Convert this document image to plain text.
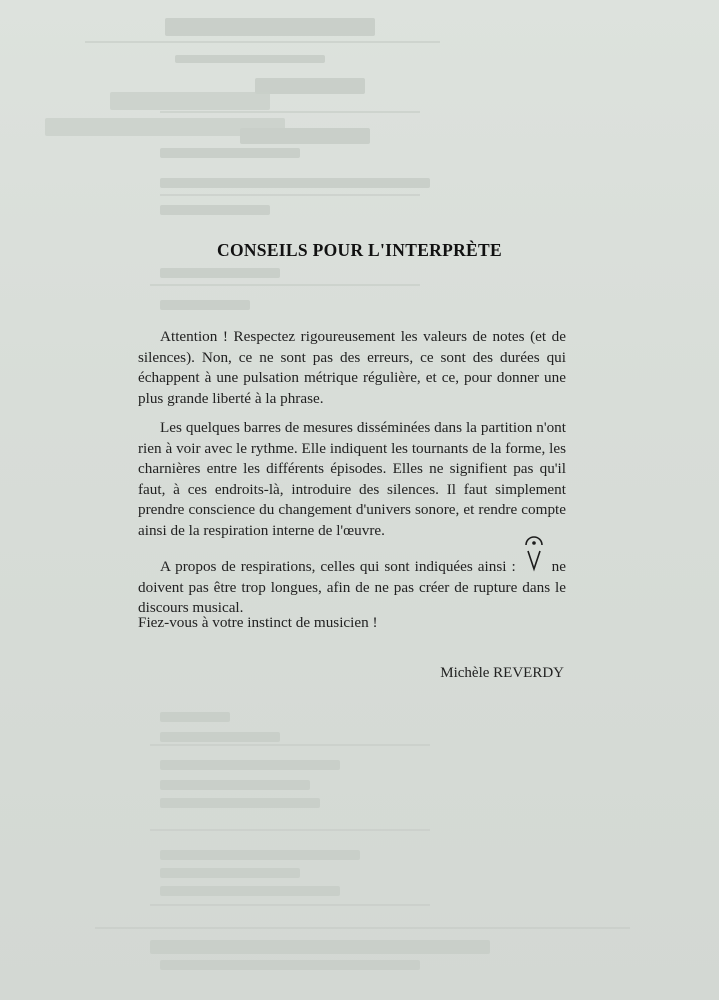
CONSEILS POUR L'INTERPRÈTE

Attention ! Respectez rigoureusement les valeurs de notes (et de silences). Non, ce ne sont pas des erreurs, ce sont des durées qui échappent à une pulsation métrique régulière, et ce, pour donner une plus grande liberté à la phrase.

Les quelques barres de mesures disséminées dans la partition n'ont rien à voir avec le rythme. Elle indiquent les tournants de la forme, les charnières entre les différents épisodes. Elles ne signifient pas qu'il faut, à ces endroits-là, introduire des silences. Il faut simplement prendre conscience du changement d'univers sonore, et rendre compte ainsi de la respiration interne de l'œuvre.

A propos de respirations, celles qui sont indiquées ainsi : ne doivent pas être trop longues, afin de ne pas créer de rupture dans le discours musical.

Fiez-vous à votre instinct de musicien !

Michèle REVERDY
